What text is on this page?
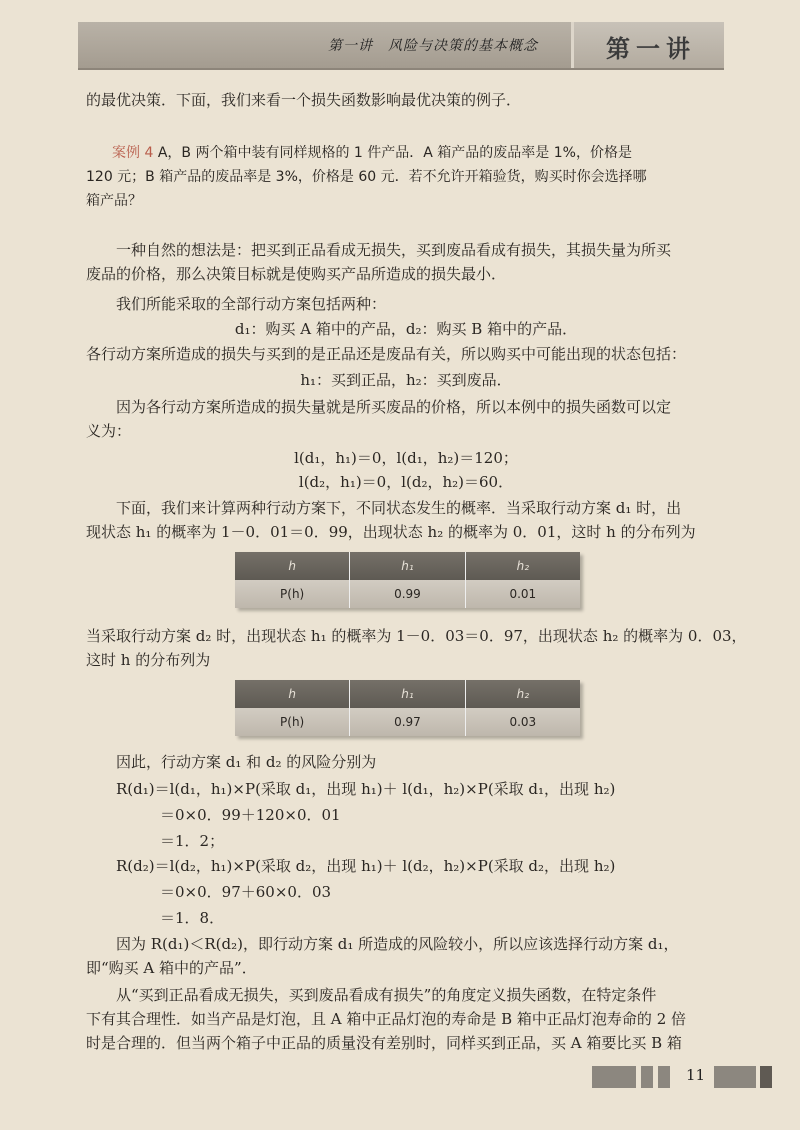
第一讲　风险与决策的基本概念	第一讲
的最优决策．下面，我们来看一个损失函数影响最优决策的例子．
案例 4 A，B 两个箱中装有同样规格的 1 件产品．A 箱产品的废品率是 1%，价格是
120 元；B 箱产品的废品率是 3%，价格是 60 元．若不允许开箱验货，购买时你会选择哪
箱产品？
一种自然的想法是：把买到正品看成无损失，买到废品看成有损失，其损失量为所买
废品的价格，那么决策目标就是使购买产品所造成的损失最小．
我们所能采取的全部行动方案包括两种：
d₁：购买 A 箱中的产品，d₂：购买 B 箱中的产品．
各行动方案所造成的损失与买到的是正品还是废品有关，所以购买中可能出现的状态包括：
h₁：买到正品，h₂：买到废品．
因为各行动方案所造成的损失量就是所买废品的价格，所以本例中的损失函数可以定
义为：
l(d₁，h₁)＝0，l(d₁，h₂)＝120；
l(d₂，h₁)＝0，l(d₂，h₂)＝60．
下面，我们来计算两种行动方案下，不同状态发生的概率．当采取行动方案 d₁ 时，出
现状态 h₁ 的概率为 1－0．01＝0．99，出现状态 h₂ 的概率为 0．01，这时 h 的分布列为
h	h₁	h₂
P(h)	0.99	0.01
当采取行动方案 d₂ 时，出现状态 h₁ 的概率为 1－0．03＝0．97，出现状态 h₂ 的概率为 0．03，
这时 h 的分布列为
h	h₁	h₂
P(h)	0.97	0.03
因此，行动方案 d₁ 和 d₂ 的风险分别为
R(d₁)＝l(d₁，h₁)×P(采取 d₁，出现 h₁)＋ l(d₁，h₂)×P(采取 d₁，出现 h₂)
＝0×0．99＋120×0．01
＝1．2；
R(d₂)＝l(d₂，h₁)×P(采取 d₂，出现 h₁)＋ l(d₂，h₂)×P(采取 d₂，出现 h₂)
＝0×0．97＋60×0．03
＝1．8．
因为 R(d₁)＜R(d₂)，即行动方案 d₁ 所造成的风险较小，所以应该选择行动方案 d₁，
即“购买 A 箱中的产品”．
从“买到正品看成无损失，买到废品看成有损失”的角度定义损失函数，在特定条件
下有其合理性．如当产品是灯泡，且 A 箱中正品灯泡的寿命是 B 箱中正品灯泡寿命的 2 倍
时是合理的．但当两个箱子中正品的质量没有差别时，同样买到正品，买 A 箱要比买 B 箱
11
